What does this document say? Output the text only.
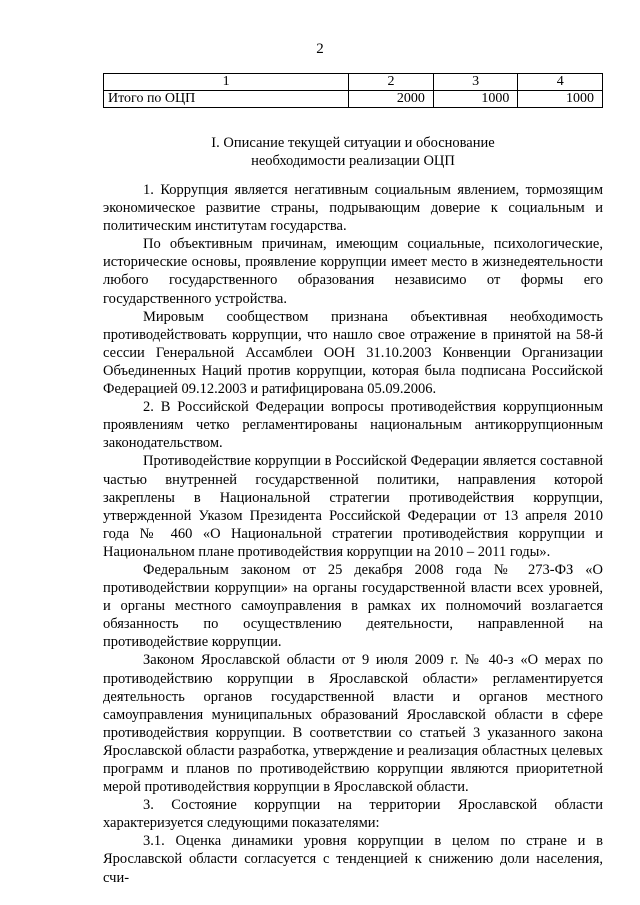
2
1	2	3	4
Итого по ОЦП	2000	1000	1000
I. Описание текущей ситуации и обоснование
необходимости реализации ОЦП

1. Коррупция является негативным социальным явлением, тормозящим экономическое развитие страны, подрывающим доверие к социальным и политическим институтам государства.

По объективным причинам, имеющим социальные, психологические, исторические основы, проявление коррупции имеет место в жизнедеятельности любого государственного образования независимо от формы его государственного устройства.

Мировым сообществом признана объективная необходимость противодействовать коррупции, что нашло свое отражение в принятой на 58-й сессии Генеральной Ассамблеи ООН 31.10.2003 Конвенции Организации Объединенных Наций против коррупции, которая была подписана Российской Федерацией 09.12.2003 и ратифицирована 05.09.2006.

2. В Российской Федерации вопросы противодействия коррупционным проявлениям четко регламентированы национальным антикоррупционным законодательством.

Противодействие коррупции в Российской Федерации является составной частью внутренней государственной политики, направления которой закреплены в Национальной стратегии противодействия коррупции, утвержденной Указом Президента Российской Федерации от 13 апреля 2010 года № 460 «О Национальной стратегии противодействия коррупции и Национальном плане противодействия коррупции на 2010 – 2011 годы».

Федеральным законом от 25 декабря 2008 года № 273-ФЗ «О противодействии коррупции» на органы государственной власти всех уровней, и органы местного самоуправления в рамках их полномочий возлагается обязанность по осуществлению деятельности, направленной на противодействие коррупции.

Законом Ярославской области от 9 июля 2009 г. № 40-з «О мерах по противодействию коррупции в Ярославской области» регламентируется деятельность органов государственной власти и органов местного самоуправления муниципальных образований Ярославской области в сфере противодействия коррупции. В соответствии со статьей 3 указанного закона Ярославской области разработка, утверждение и реализация областных целевых программ и планов по противодействию коррупции являются приоритетной мерой противодействия коррупции в Ярославской области.

3. Состояние коррупции на территории Ярославской области характеризуется следующими показателями:

3.1. Оценка динамики уровня коррупции в целом по стране и в Ярославской области согласуется с тенденцией к снижению доли населения, счи-
